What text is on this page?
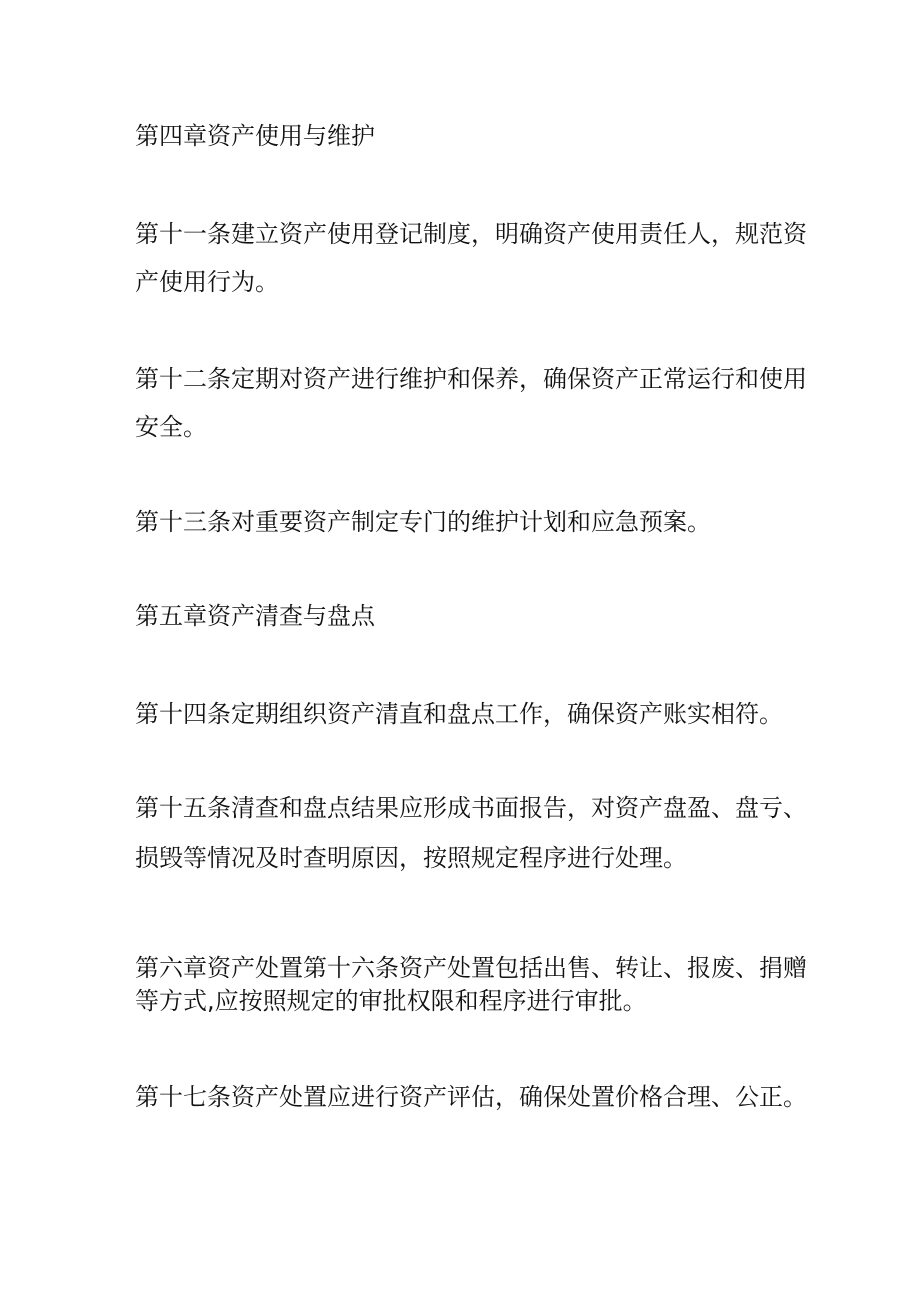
第四章资产使用与维护

第十一条建立资产使用登记制度，明确资产使用责任人，规范资

产使用行为。

第十二条定期对资产进行维护和保养，确保资产正常运行和使用

安全。

第十三条对重要资产制定专门的维护计划和应急预案。

第五章资产清查与盘点

第十四条定期组织资产清直和盘点工作，确保资产账实相符。

第十五条清查和盘点结果应形成书面报告，对资产盘盈、盘亏、

损毁等情况及时查明原因，按照规定程序进行处理。

第六章资产处置第十六条资产处置包括出售、转让、报废、捐赠

等方式,应按照规定的审批权限和程序进行审批。

第十七条资产处置应进行资产评估，确保处置价格合理、公正。
